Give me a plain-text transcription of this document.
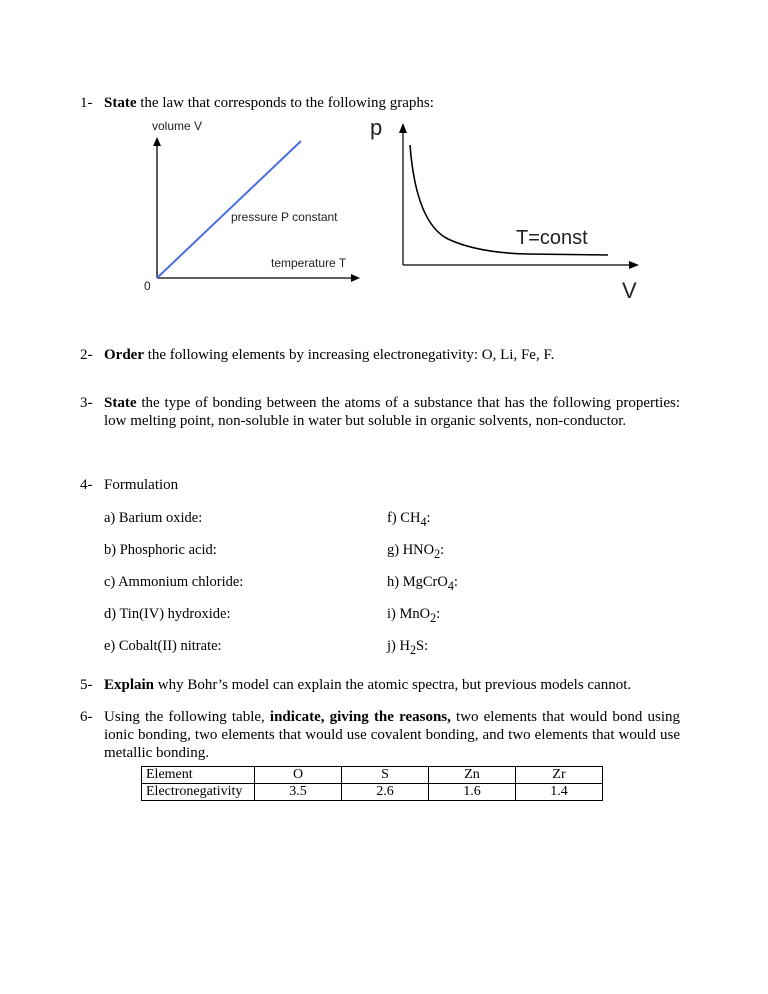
1- State the law that corresponds to the following graphs:
volume V
pressure P constant
temperature T
0
p
T=const
V
2- Order the following elements by increasing electronegativity: O, Li, Fe, F.
3- State the type of bonding between the atoms of a substance that has the following properties: low melting point, non-soluble in water but soluble in organic solvents, non-conductor.
4- Formulation
a) Barium oxide:
b) Phosphoric acid:
c) Ammonium chloride:
d) Tin(IV) hydroxide:
e) Cobalt(II) nitrate:
f) $CH_4$:
g) $HNO_2$:
h) MgCrO$_4$:
i) MnO$_2$:
j) $H_2S$:
5- Explain why Bohr’s model can explain the atomic spectra, but previous models cannot.
6- Using the following table, indicate, giving the reasons, two elements that would bond using ionic bonding, two elements that would use covalent bonding, and two elements that would use metallic bonding.
Element	O	S	Zn	Zr
Electronegativity	3.5	2.6	1.6	1.4
